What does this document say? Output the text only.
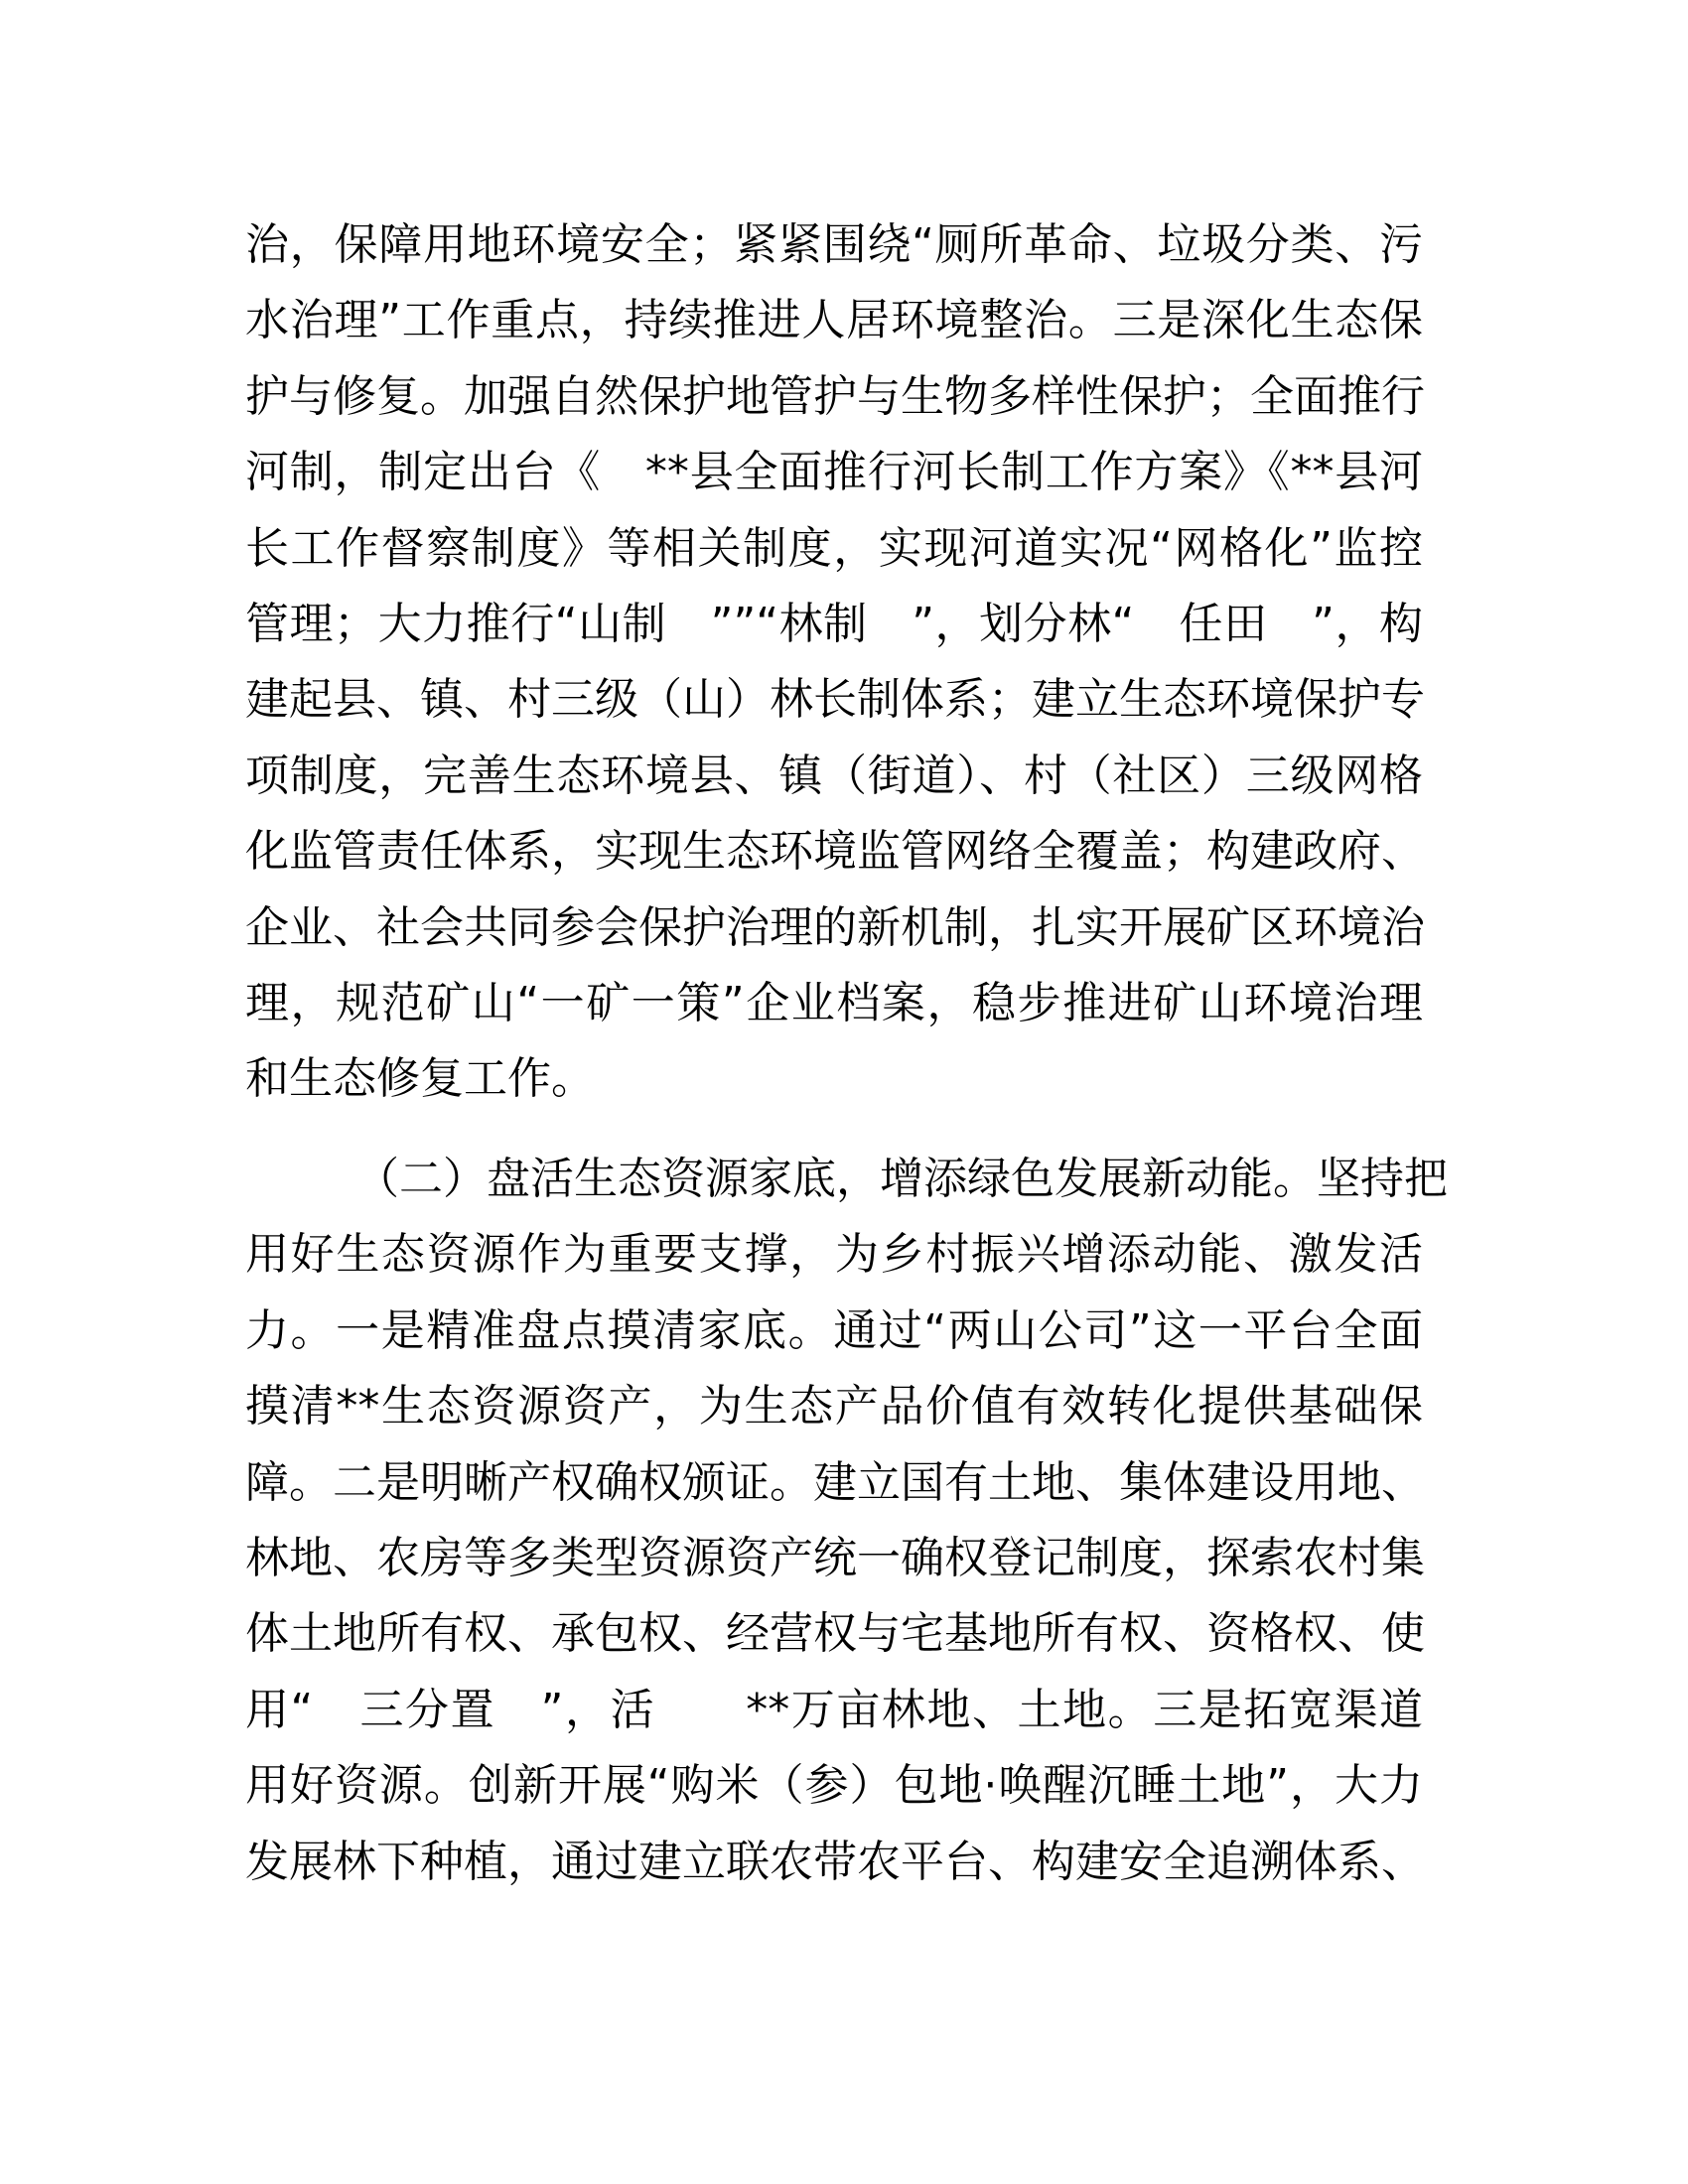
治，保障用地环境安全；紧紧围绕“厕所革命、垃圾分类、污
水治理”工作重点，持续推进人居环境整治。三是深化生态保
护与修复。加强自然保护地管护与生物多样性保护；全面推行
河制，制定出台《　**县全面推行河长制工作方案》《**县河
长工作督察制度》等相关制度，实现河道实况“网格化”监控
管理；大力推行“山制　””“林制　”，划分林“　任田　”，构
建起县、镇、村三级（山）林长制体系；建立生态环境保护专
项制度，完善生态环境县、镇（街道）、村（社区）三级网格
化监管责任体系，实现生态环境监管网络全覆盖；构建政府、
企业、社会共同参会保护治理的新机制，扎实开展矿区环境治
理，规范矿山“一矿一策”企业档案，稳步推进矿山环境治理
和生态修复工作。
（二）盘活生态资源家底，增添绿色发展新动能。坚持把
用好生态资源作为重要支撑，为乡村振兴增添动能、激发活
力。一是精准盘点摸清家底。通过“两山公司”这一平台全面
摸清**生态资源资产，为生态产品价值有效转化提供基础保
障。二是明晰产权确权颁证。建立国有土地、集体建设用地、
林地、农房等多类型资源资产统一确权登记制度，探索农村集
体土地所有权、承包权、经营权与宅基地所有权、资格权、使
用“　三分置　”，活　　**万亩林地、土地。三是拓宽渠道
用好资源。创新开展“购米（参）包地·唤醒沉睡土地”，大力
发展林下种植，通过建立联农带农平台、构建安全追溯体系、
